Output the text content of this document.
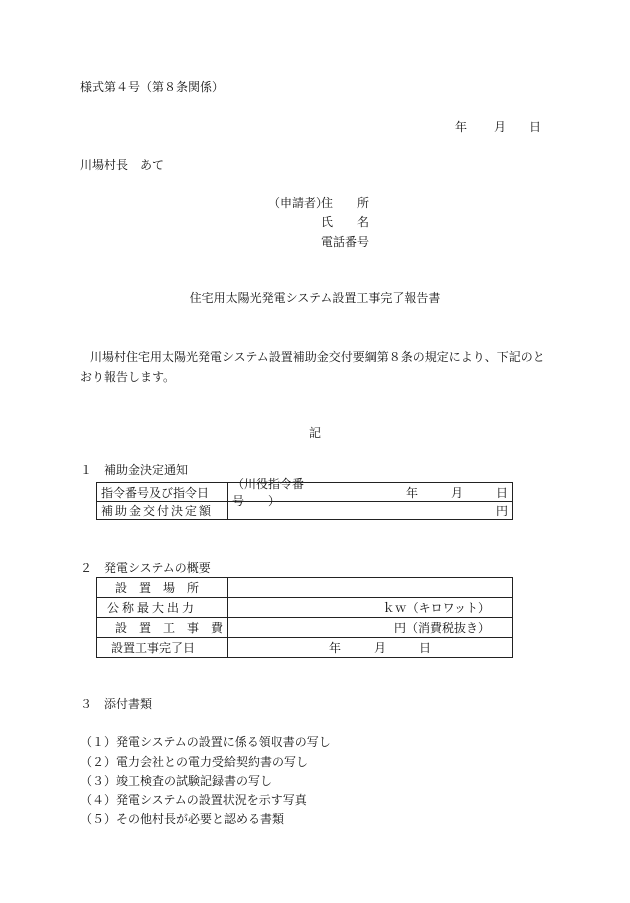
様式第４号（第８条関係）
年 月 日
川場村長　あて
（申請者）
住　　所
氏　　名
電話番号
住宅用太陽光発電システム設置工事完了報告書
川場村住宅用太陽光発電システム設置補助金交付要綱第８条の規定により、下記のと
おり報告します。
記
１　補助金決定通知
指令番号及び指令日	（川役指令番号　　）
年 月 日

補助金交付決定額	円
２　発電システムの概要
設　置　場　所	
公称最大出力	ｋｗ（キロワット）
設　置　工　事　費	円（消費税抜き）
設置工事完了日	年 月 日
３　添付書類
（１）発電システムの設置に係る領収書の写し
（２）電力会社との電力受給契約書の写し
（３）竣工検査の試験記録書の写し
（４）発電システムの設置状況を示す写真
（５）その他村長が必要と認める書類
